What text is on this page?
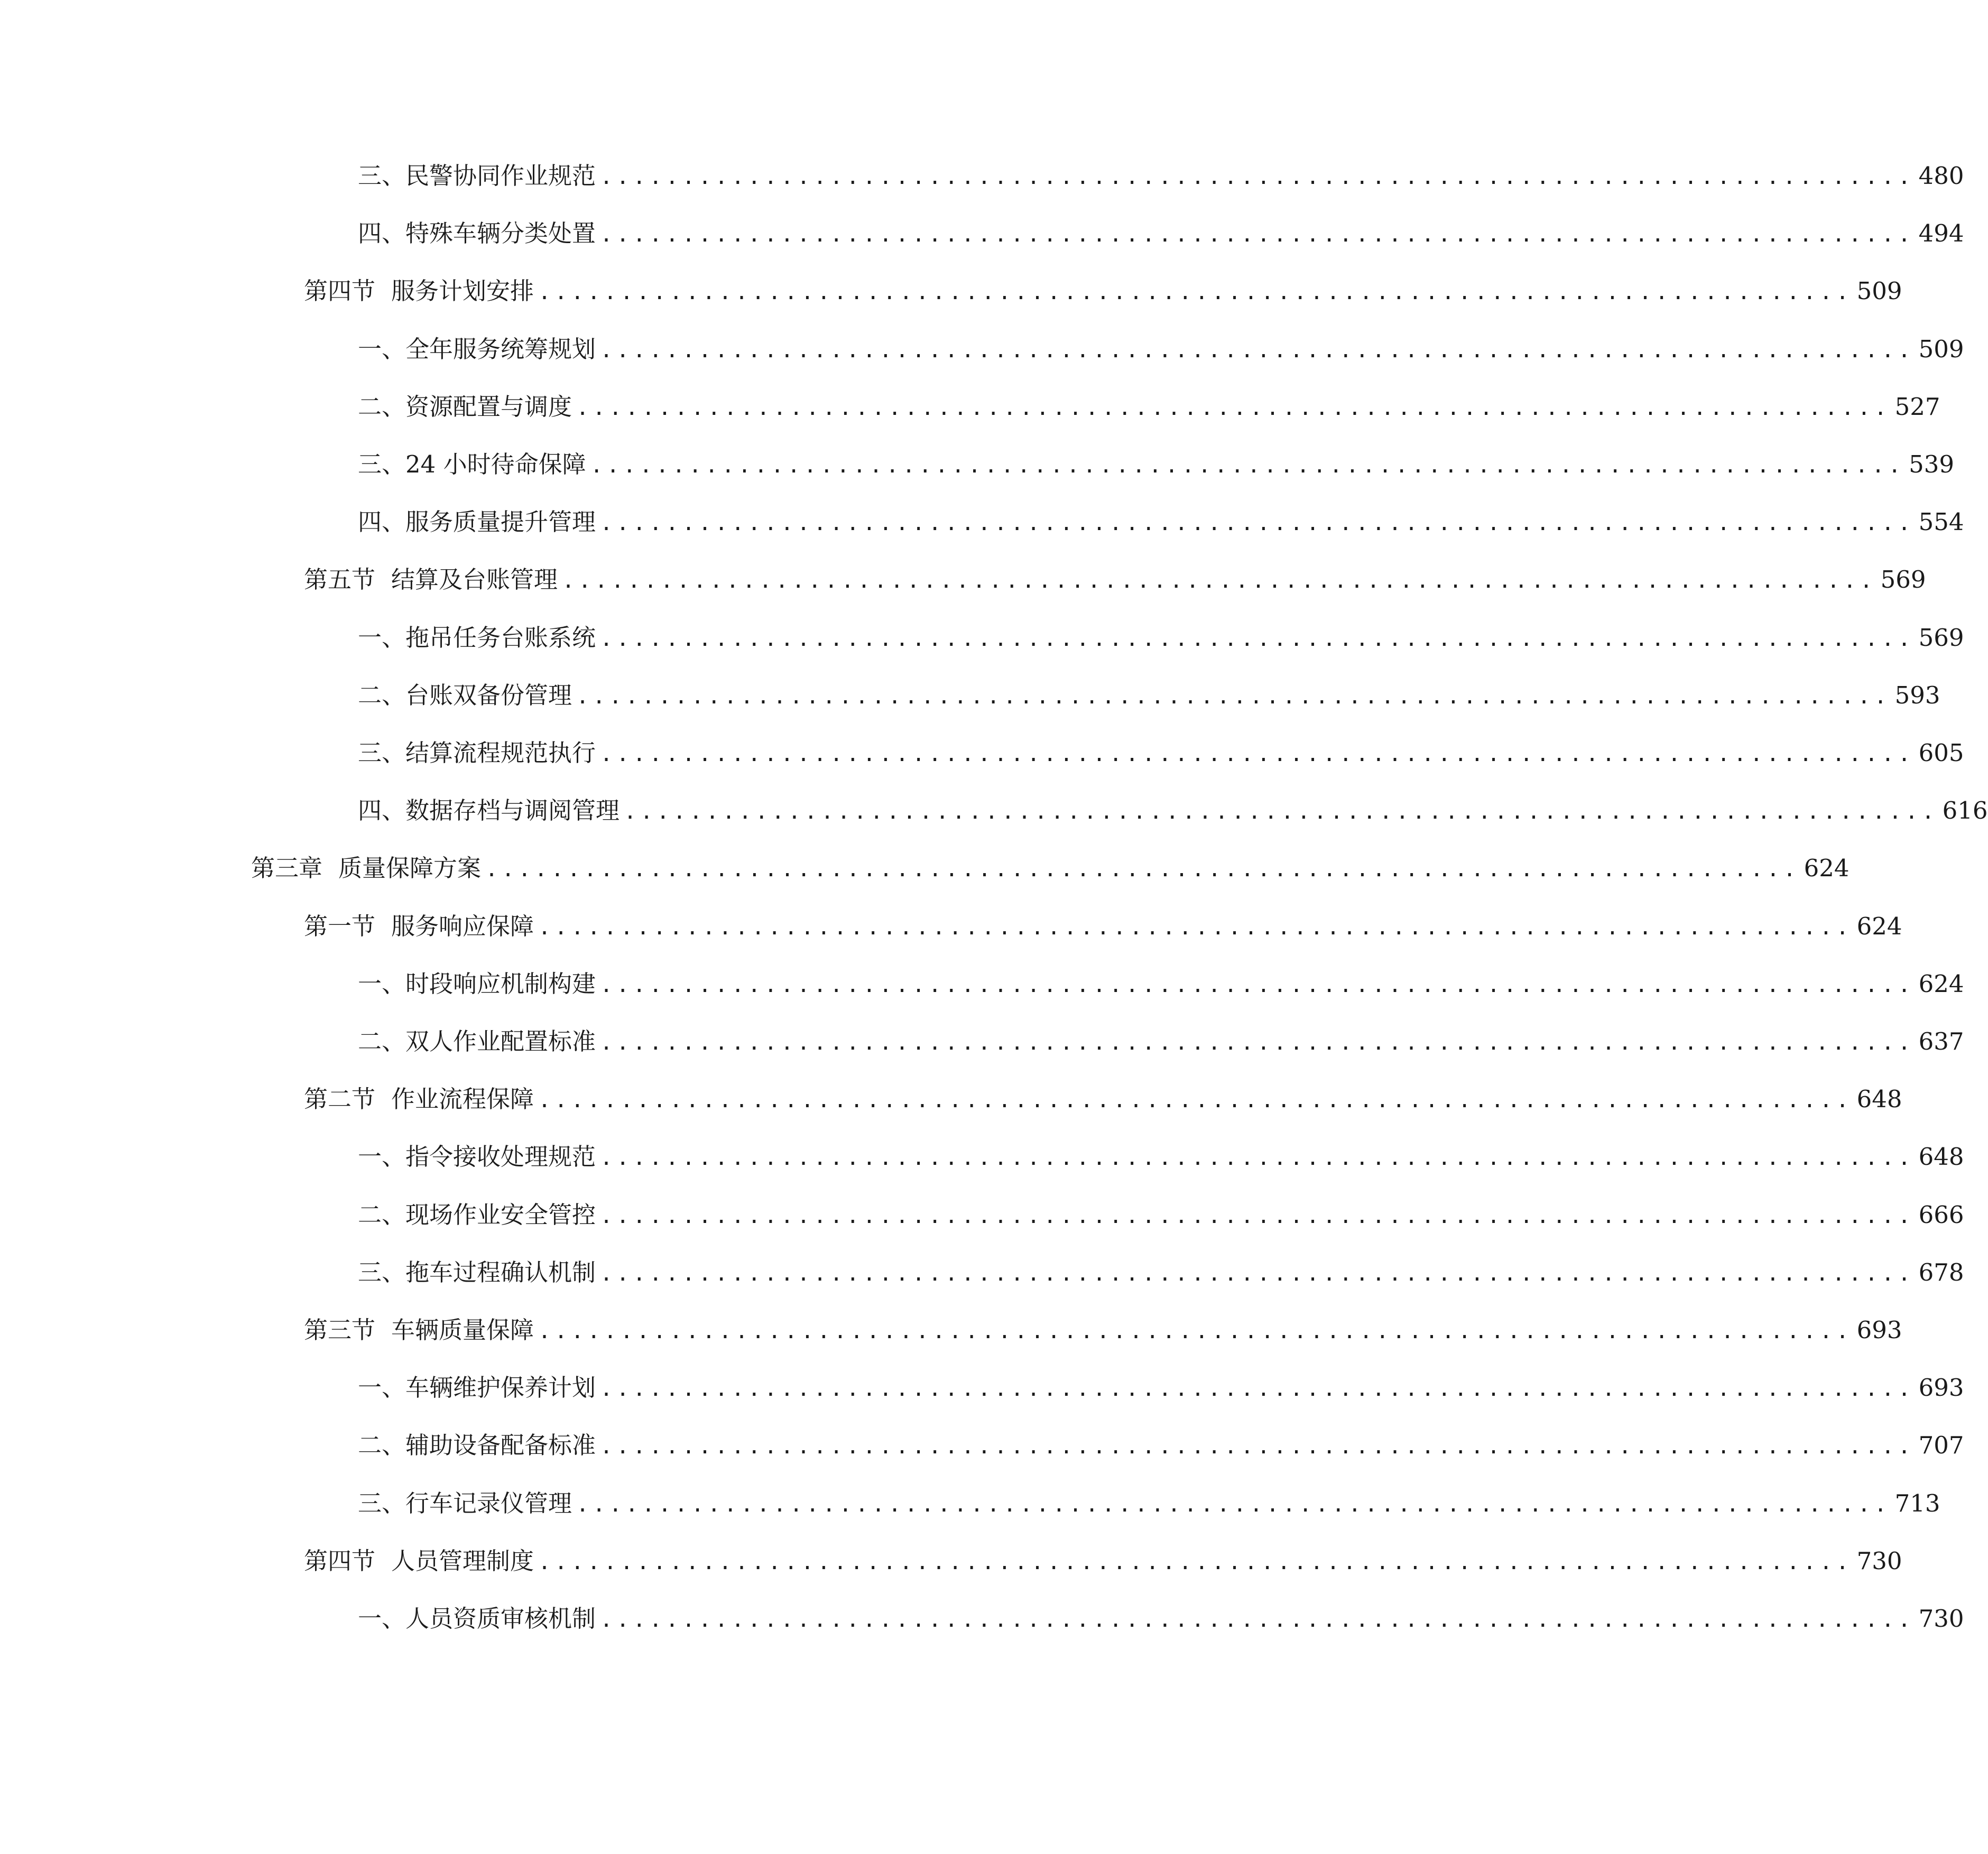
三、 民警协同作业规范 ................................................................................ 480
四、 特殊车辆分类处置 ................................................................................ 494
第四节 服务计划安排 ................................................................................ 509
一、 全年服务统筹规划 ................................................................................ 509
二、 资源配置与调度 ................................................................................ 527
三、 24 小时待命保障 ................................................................................ 539
四、 服务质量提升管理 ................................................................................ 554
第五节 结算及台账管理 ................................................................................ 569
一、 拖吊任务台账系统 ................................................................................ 569
二、 台账双备份管理 ................................................................................ 593
三、 结算流程规范执行 ................................................................................ 605
四、 数据存档与调阅管理 ................................................................................ 616
第三章 质量保障方案 ................................................................................ 624
第一节 服务响应保障 ................................................................................ 624
一、 时段响应机制构建 ................................................................................ 624
二、 双人作业配置标准 ................................................................................ 637
第二节 作业流程保障 ................................................................................ 648
一、 指令接收处理规范 ................................................................................ 648
二、 现场作业安全管控 ................................................................................ 666
三、 拖车过程确认机制 ................................................................................ 678
第三节 车辆质量保障 ................................................................................ 693
一、 车辆维护保养计划 ................................................................................ 693
二、 辅助设备配备标准 ................................................................................ 707
三、 行车记录仪管理 ................................................................................ 713
第四节 人员管理制度 ................................................................................ 730
一、 人员资质审核机制 ................................................................................ 730
